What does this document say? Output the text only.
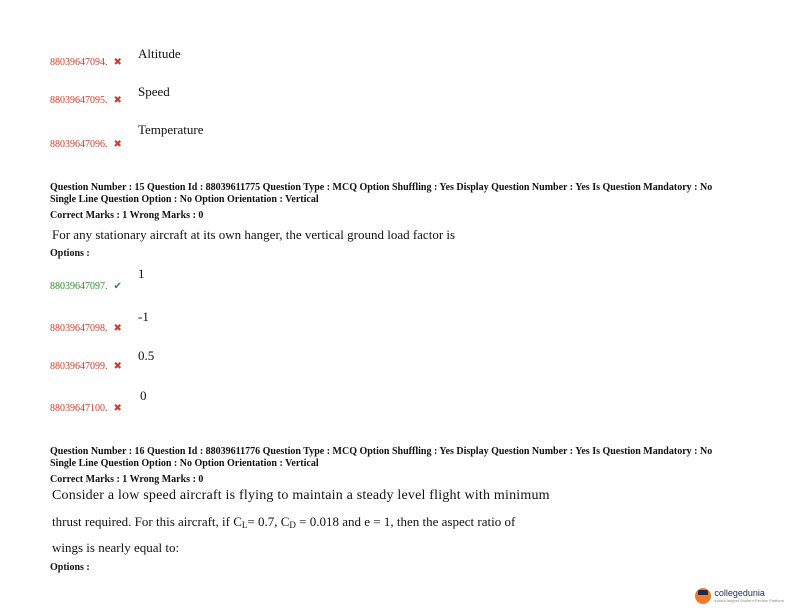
88039647094. ✖
Altitude
88039647095. ✖
Speed
88039647096. ✖
Temperature
Question Number : 15 Question Id : 88039611775 Question Type : MCQ Option Shuffling : Yes Display Question Number : Yes Is Question Mandatory : No Single Line Question Option : No Option Orientation : Vertical
Correct Marks : 1 Wrong Marks : 0
For any stationary aircraft at its own hanger, the vertical ground load factor is
Options :
88039647097. ✔
1
88039647098. ✖
-1
88039647099. ✖
0.5
88039647100. ✖
0
Question Number : 16 Question Id : 88039611776 Question Type : MCQ Option Shuffling : Yes Display Question Number : Yes Is Question Mandatory : No Single Line Question Option : No Option Orientation : Vertical
Correct Marks : 1 Wrong Marks : 0
Consider a low speed aircraft is flying to maintain a steady level flight with minimum
thrust required. For this aircraft, if $C_L= 0.7$, $C_D = 0.018$ and e = 1, then the aspect ratio of
wings is nearly equal to:
Options :
collegedunia
India's largest Student Review Platform
